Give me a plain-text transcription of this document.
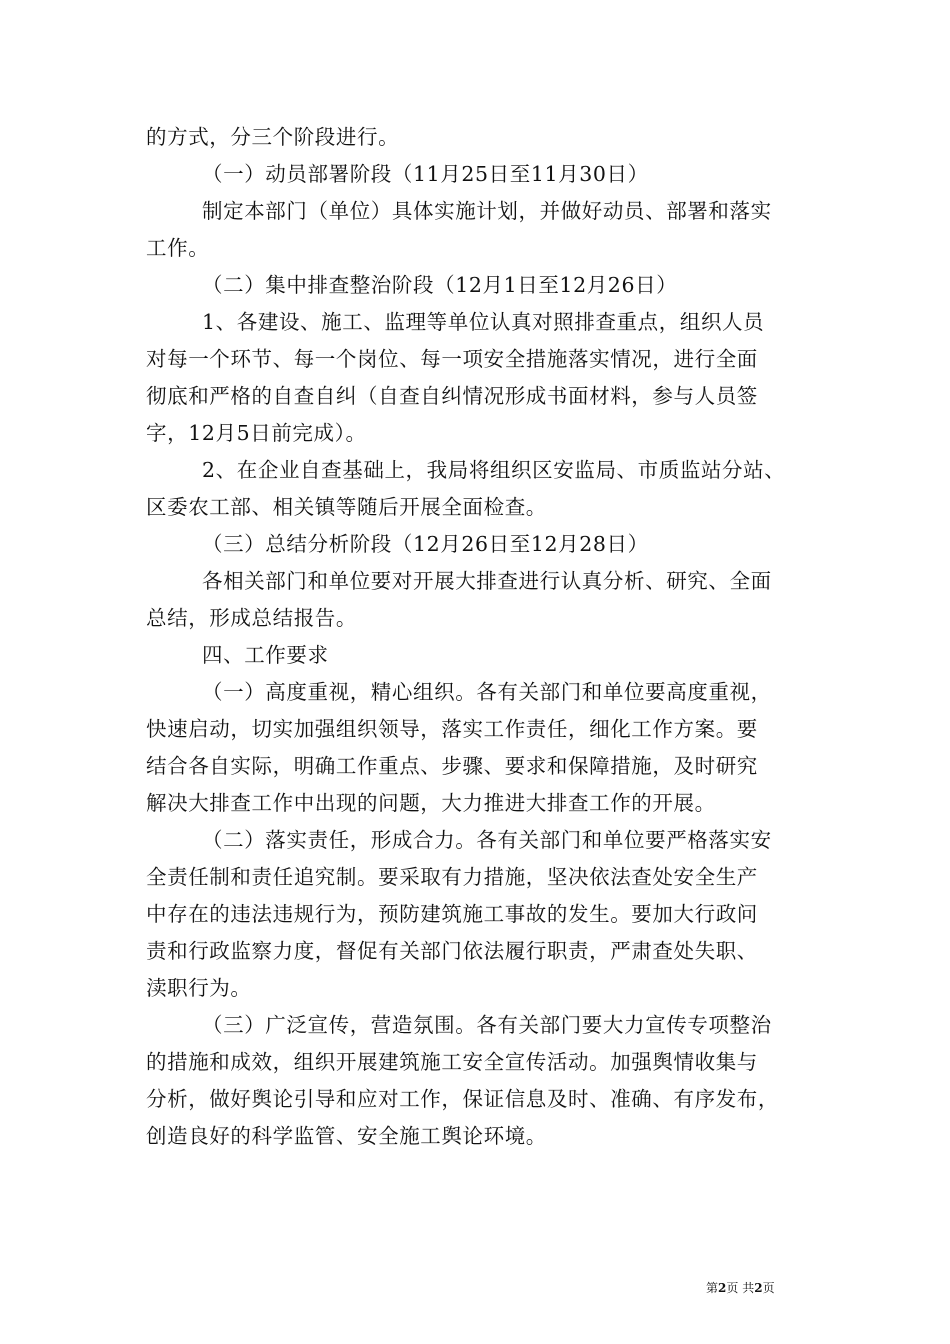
的方式，分三个阶段进行。
（一）动员部署阶段（11月25日至11月30日）
制定本部门（单位）具体实施计划，并做好动员、部署和落实
工作。
（二）集中排查整治阶段（12月1日至12月26日）
1、各建设、施工、监理等单位认真对照排查重点，组织人员
对每一个环节、每一个岗位、每一项安全措施落实情况，进行全面
彻底和严格的自查自纠（自查自纠情况形成书面材料，参与人员签
字，12月5日前完成）。
2、在企业自查基础上，我局将组织区安监局、市质监站分站、
区委农工部、相关镇等随后开展全面检查。
（三）总结分析阶段（12月26日至12月28日）
各相关部门和单位要对开展大排查进行认真分析、研究、全面
总结，形成总结报告。
四、工作要求
（一）高度重视，精心组织。各有关部门和单位要高度重视，
快速启动，切实加强组织领导，落实工作责任，细化工作方案。要
结合各自实际，明确工作重点、步骤、要求和保障措施，及时研究
解决大排查工作中出现的问题，大力推进大排查工作的开展。
（二）落实责任，形成合力。各有关部门和单位要严格落实安
全责任制和责任追究制。要采取有力措施，坚决依法查处安全生产
中存在的违法违规行为，预防建筑施工事故的发生。要加大行政问
责和行政监察力度，督促有关部门依法履行职责，严肃查处失职、
渎职行为。
（三）广泛宣传，营造氛围。各有关部门要大力宣传专项整治
的措施和成效，组织开展建筑施工安全宣传活动。加强舆情收集与
分析，做好舆论引导和应对工作，保证信息及时、准确、有序发布，
创造良好的科学监管、安全施工舆论环境。
第2页 共2页
